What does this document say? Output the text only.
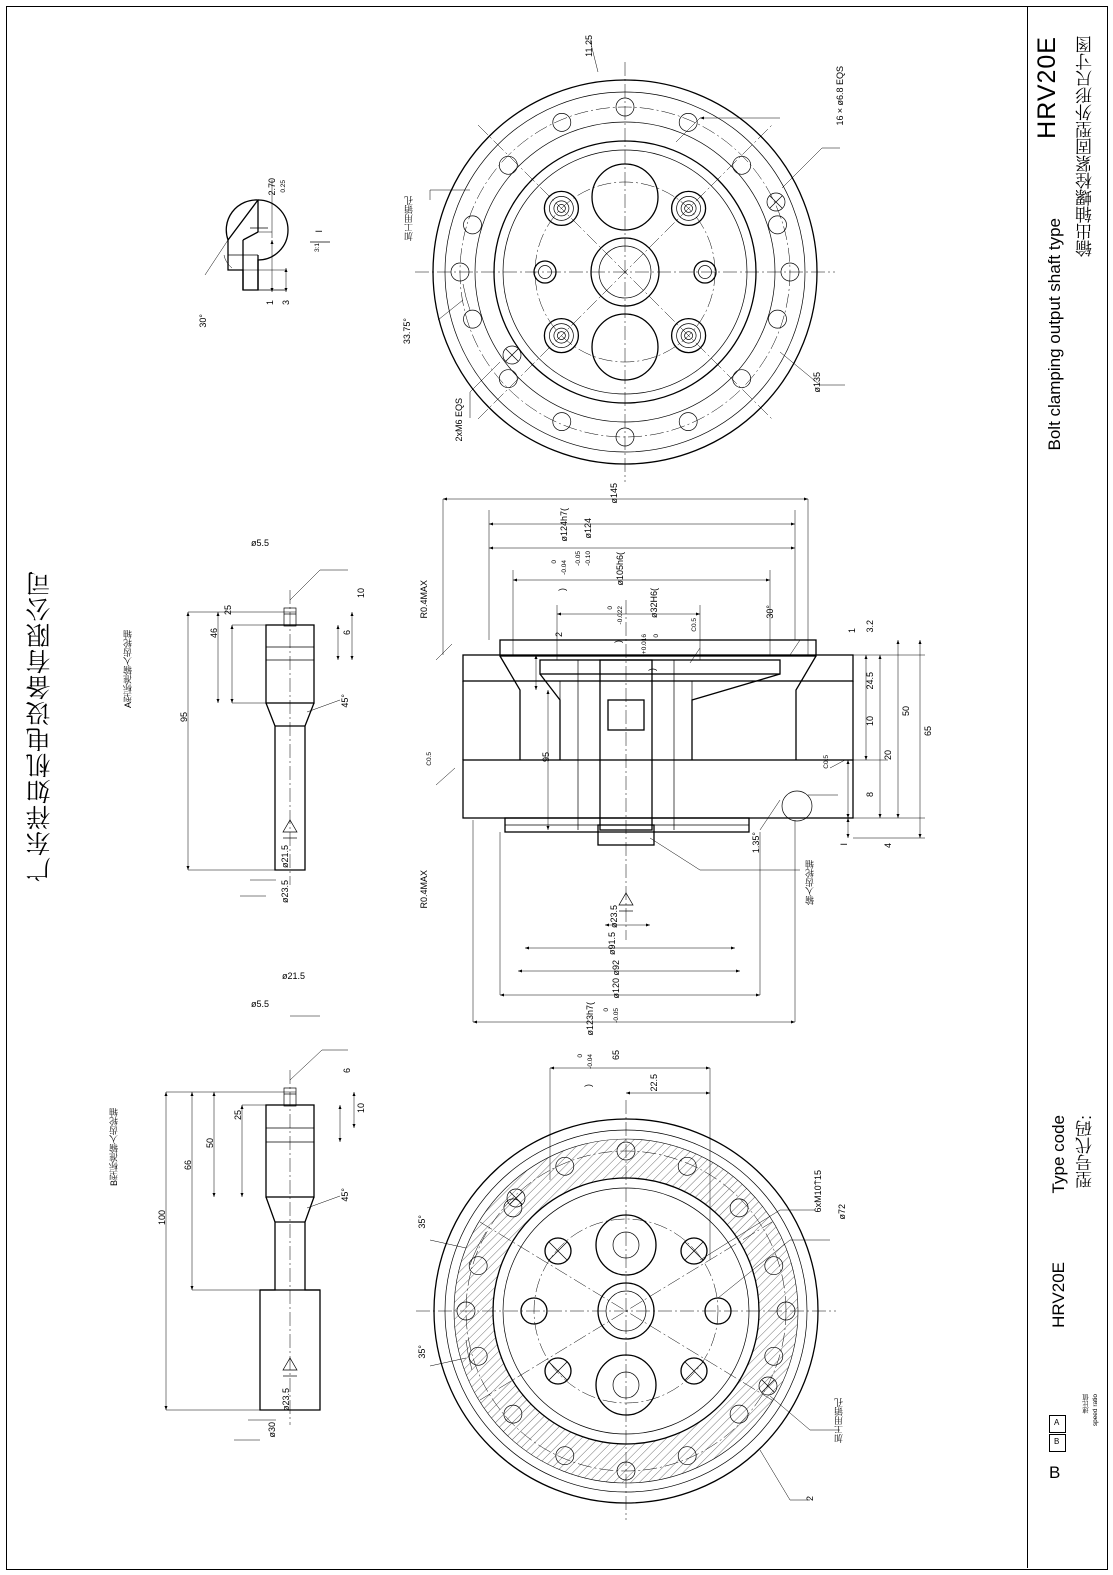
HRV20E 输出轴螺栓紧固型外形尺寸图
Bolt clamping output shaft type
型号代码:
Type code
HRV20E
速比值 speed ratio
A
B
B
广东祥如机电设备有限公司
11.25
16×ø6.8 EQS
加工用销孔
33.75°
2xM6 EQS
ø135
2.70 0.25
I
3:1
30°
1 3
A型标准输入齿轮轴
ø5.5
10
6
25
46
95
45°
ø21.5
ø23.5
B型标准输入齿轮轴
ø21.5
ø5.5
6
10
25
50
66
100
45°
ø23.5
ø30
ø145
ø124h7(
0 -0.04
)
ø124
-0.05 -0.10	ø105h6(
0 -0.022
)
ø32H6(
+0.016 0
)
R0.4MAX
R0.4MAX
C0.5
C0.5
C0.5
2
95
30°
3.2
1
24.5
10
20
50
65
8
4
I
1.35°
输入齿轮轴
ø23.5
ø91.5
ø92
ø120
0 -0.05
ø123h7(
0 -0.04
)
65
22.5
6xM10⍑15 ø72
35°
35°
加工用销孔
2
